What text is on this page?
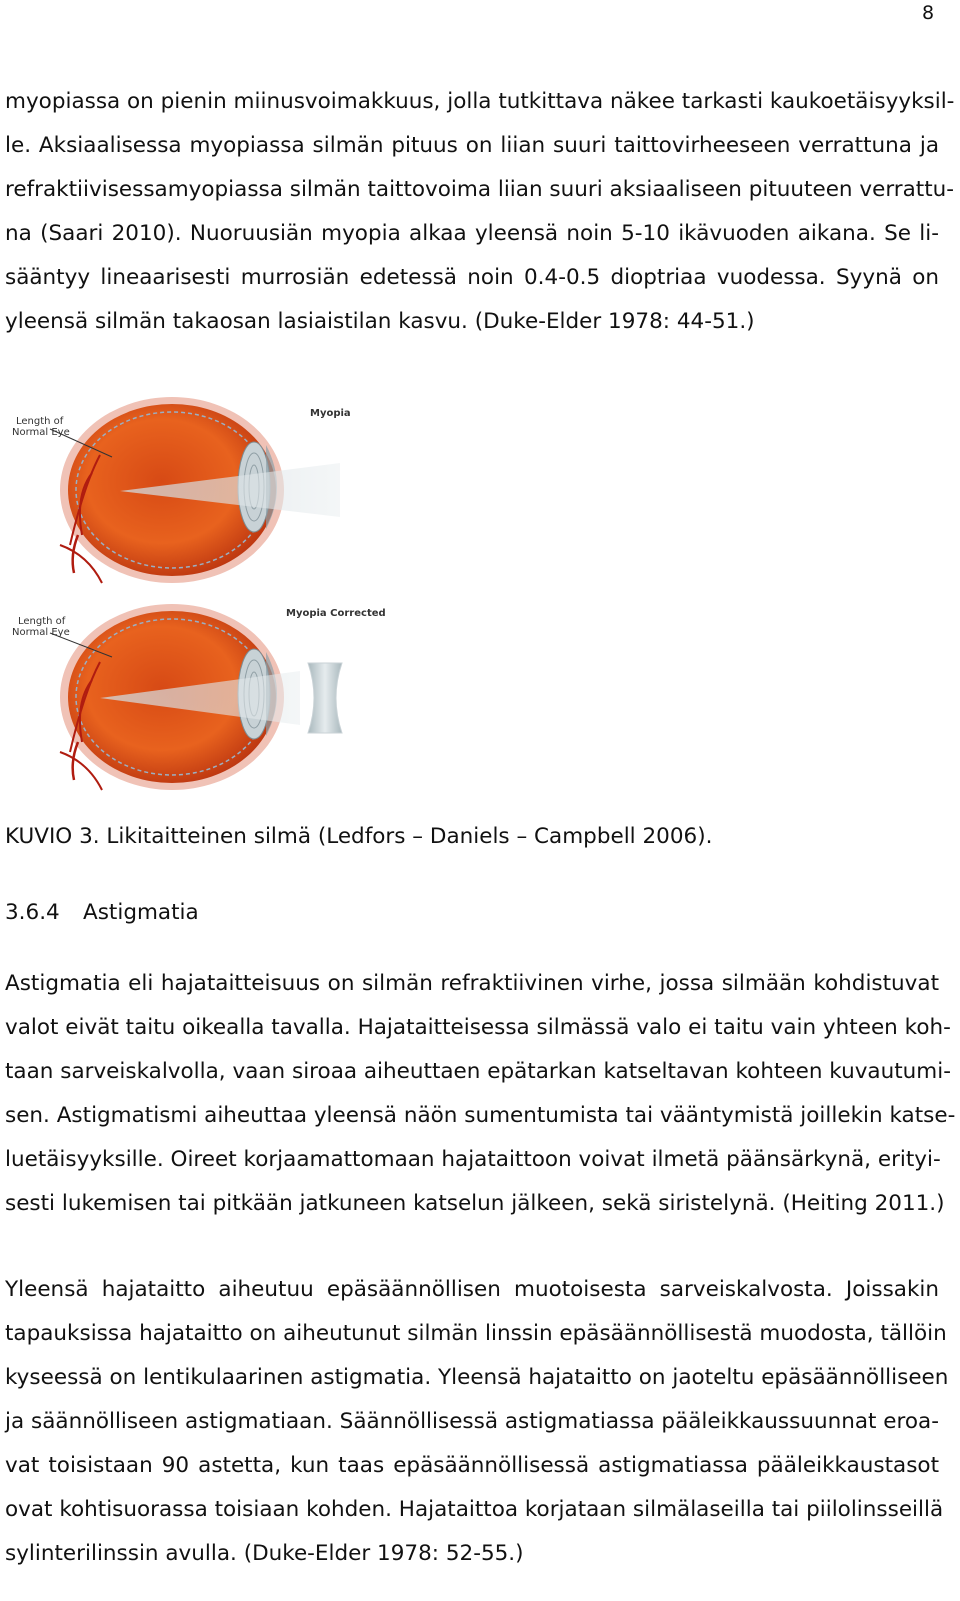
8
myopiassa on pienin miinusvoimakkuus, jolla tutkittava näkee tarkasti kaukoetäisyyksil-
le. Aksiaalisessa myopiassa silmän pituus on liian suuri taittovirheeseen verrattuna ja
refraktiivisessamyopiassa silmän taittovoima liian suuri aksiaaliseen pituuteen verrattu-
na (Saari 2010). Nuoruusiän myopia alkaa yleensä noin 5-10 ikävuoden aikana. Se li-
sääntyy lineaarisesti murrosiän edetessä noin 0.4-0.5 dioptriaa vuodessa. Syynä on
yleensä silmän takaosan lasiaistilan kasvu. (Duke-Elder 1978: 44-51.)
Length of
Normal Eye
Myopia
Length of
Normal Eye
Myopia Corrected
KUVIO 3. Likitaitteinen silmä (Ledfors – Daniels – Campbell 2006).
3.6.4 Astigmatia
Astigmatia eli hajataitteisuus on silmän refraktiivinen virhe, jossa silmään kohdistuvat
valot eivät taitu oikealla tavalla. Hajataitteisessa silmässä valo ei taitu vain yhteen koh-
taan sarveiskalvolla, vaan siroaa aiheuttaen epätarkan katseltavan kohteen kuvautumi-
sen. Astigmatismi aiheuttaa yleensä näön sumentumista tai vääntymistä joillekin katse-
luetäisyyksille. Oireet korjaamattomaan hajataittoon voivat ilmetä päänsärkynä, erityi-
sesti lukemisen tai pitkään jatkuneen katselun jälkeen, sekä siristelynä. (Heiting 2011.)
Yleensä hajataitto aiheutuu epäsäännöllisen muotoisesta sarveiskalvosta. Joissakin
tapauksissa hajataitto on aiheutunut silmän linssin epäsäännöllisestä muodosta, tällöin
kyseessä on lentikulaarinen astigmatia. Yleensä hajataitto on jaoteltu epäsäännölliseen
ja säännölliseen astigmatiaan. Säännöllisessä astigmatiassa pääleikkaussuunnat eroa-
vat toisistaan 90 astetta, kun taas epäsäännöllisessä astigmatiassa pääleikkaustasot
ovat kohtisuorassa toisiaan kohden. Hajataittoa korjataan silmälaseilla tai piilolinsseillä
sylinterilinssin avulla. (Duke-Elder 1978: 52-55.)
